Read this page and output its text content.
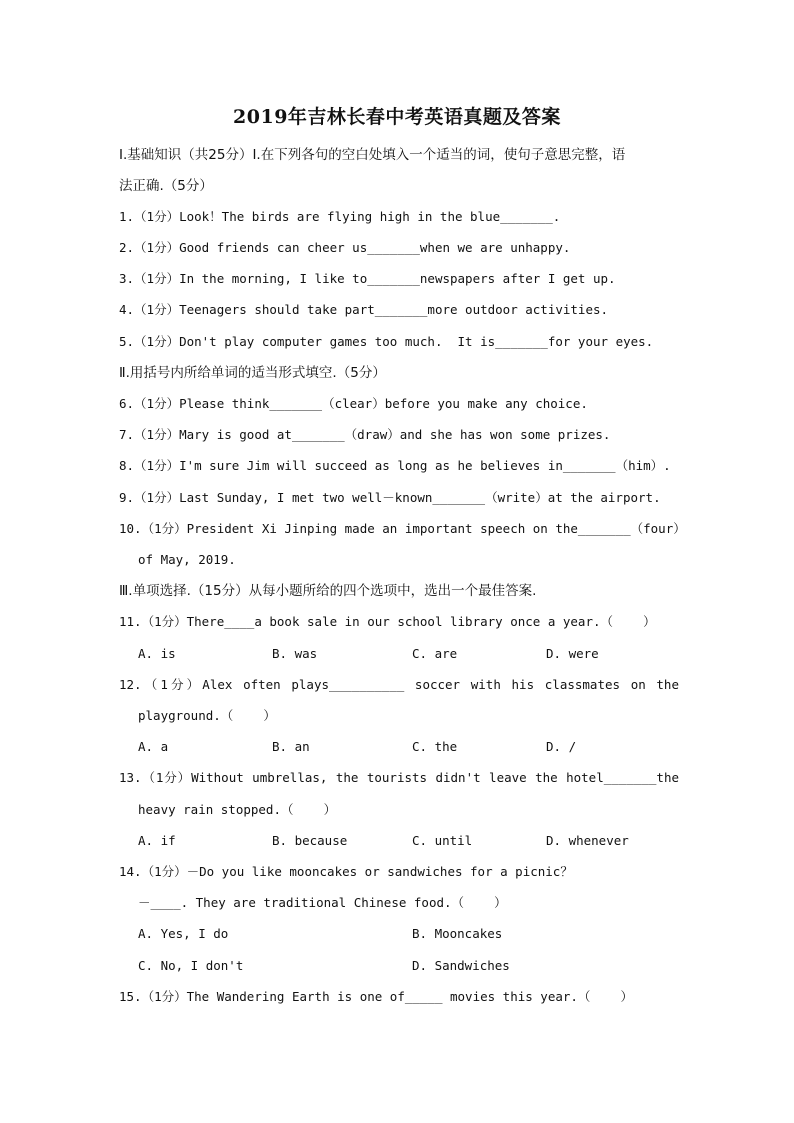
2019年吉林长春中考英语真题及答案
I.基础知识（共25分）Ⅰ.在下列各句的空白处填入一个适当的词，使句子意思完整，语
法正确.（5分）
1.（1分）Look！The birds are flying high in the blue_______.
2.（1分）Good friends can cheer us_______when we are unhappy.
3.（1分）In the morning, I like to_______newspapers after I get up.
4.（1分）Teenagers should take part_______more outdoor activities.
5.（1分）Don't play computer games too much.  It is_______for your eyes.
Ⅱ.用括号内所给单词的适当形式填空.（5分）
6.（1分）Please think_______（clear）before you make any choice.
7.（1分）Mary is good at_______（draw）and she has won some prizes.
8.（1分）I'm sure Jim will succeed as long as he believes in_______（him）.
9.（1分）Last Sunday, I met two well－known_______（write）at the airport.
10.（1分）President Xi Jinping made an important speech on the_______（four）
of May, 2019.
Ⅲ.单项选择.（15分）从每小题所给的四个选项中，选出一个最佳答案.
11.（1分）There____a book sale in our school library once a year.（    ）
A. is	B. was	C. are	D. were
12.（1分）Alex often plays__________ soccer with his classmates on the
playground.（    ）
A. a	B. an	C. the	D. /
13.（1分）Without umbrellas, the tourists didn't leave the hotel_______the
heavy rain stopped.（    ）
A. if	B. because	C. until	D. whenever
14.（1分）－Do you like mooncakes or sandwiches for a picnic？
－____. They are traditional Chinese food.（    ）
A. Yes, I do	B. Mooncakes
C. No, I don't	D. Sandwiches
15.（1分）The Wandering Earth is one of_____ movies this year.（    ）
